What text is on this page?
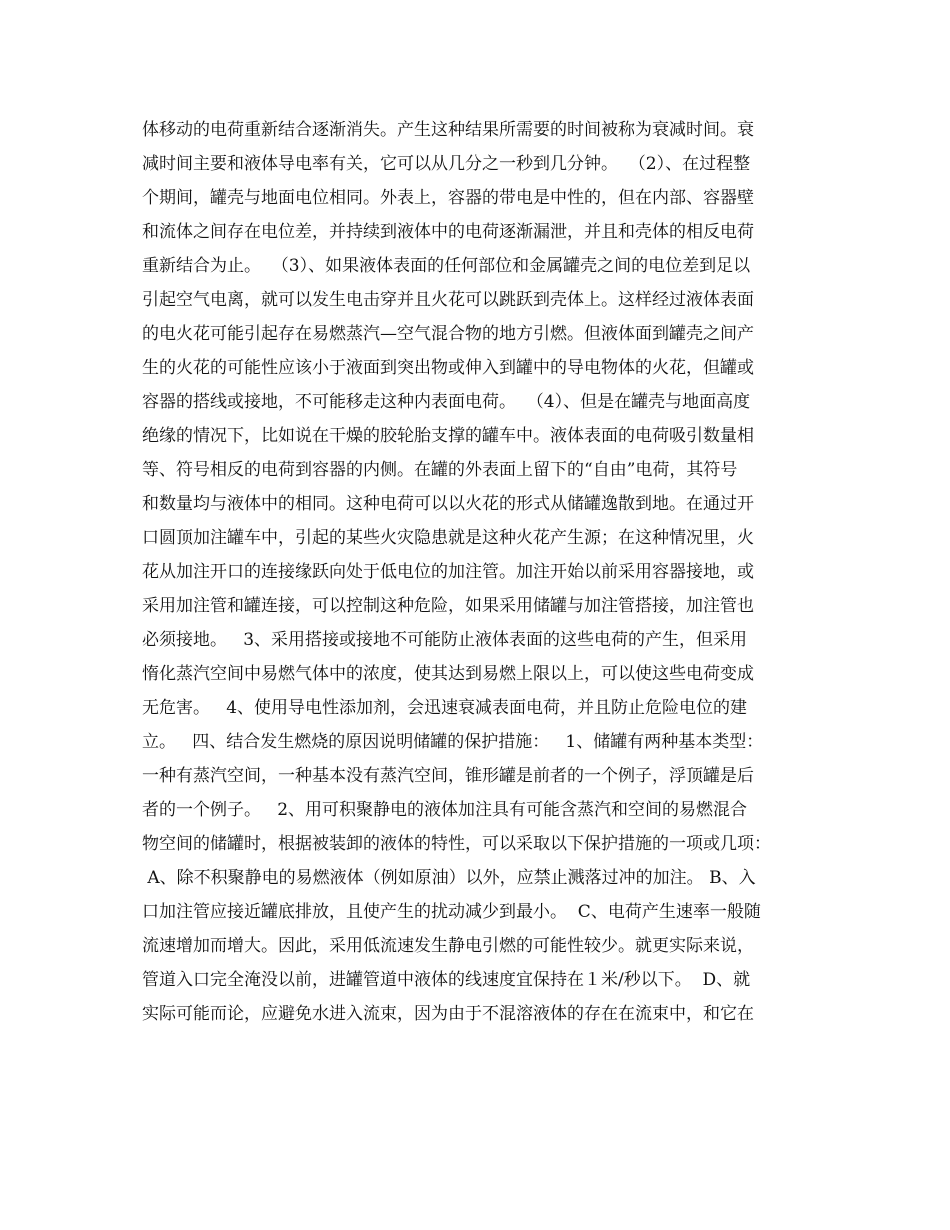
体移动的电荷重新结合逐渐消失。产生这种结果所需要的时间被称为衰减时间。衰
减时间主要和液体导电率有关，它可以从几分之一秒到几分钟。  （2）、在过程整
个期间，罐壳与地面电位相同。外表上，容器的带电是中性的，但在内部、容器壁
和流体之间存在电位差，并持续到液体中的电荷逐渐漏泄，并且和壳体的相反电荷
重新结合为止。  （3）、如果液体表面的任何部位和金属罐壳之间的电位差到足以
引起空气电离，就可以发生电击穿并且火花可以跳跃到壳体上。这样经过液体表面
的电火花可能引起存在易燃蒸汽—空气混合物的地方引燃。但液体面到罐壳之间产
生的火花的可能性应该小于液面到突出物或伸入到罐中的导电物体的火花，但罐或
容器的搭线或接地，不可能移走这种内表面电荷。  （4）、但是在罐壳与地面高度
绝缘的情况下，比如说在干燥的胶轮胎支撑的罐车中。液体表面的电荷吸引数量相
等、符号相反的电荷到容器的内侧。在罐的外表面上留下的“自由”电荷，其符号
和数量均与液体中的相同。这种电荷可以以火花的形式从储罐逸散到地。在通过开
口圆顶加注罐车中，引起的某些火灾隐患就是这种火花产生源；在这种情况里，火
花从加注开口的连接缘跃向处于低电位的加注管。加注开始以前采用容器接地，或
采用加注管和罐连接，可以控制这种危险，如果采用储罐与加注管搭接，加注管也
必须接地。   3、采用搭接或接地不可能防止液体表面的这些电荷的产生，但采用
惰化蒸汽空间中易燃气体中的浓度，使其达到易燃上限以上，可以使这些电荷变成
无危害。   4、使用导电性添加剂，会迅速衰减表面电荷，并且防止危险电位的建
立。   四、结合发生燃烧的原因说明储罐的保护措施：   1、储罐有两种基本类型：
一种有蒸汽空间，一种基本没有蒸汽空间，锥形罐是前者的一个例子，浮顶罐是后
者的一个例子。   2、用可积聚静电的液体加注具有可能含蒸汽和空间的易燃混合
物空间的储罐时，根据被装卸的液体的特性，可以采取以下保护措施的一项或几项：
A、除不积聚静电的易燃液体（例如原油）以外，应禁止溅落过冲的加注。 B、入
口加注管应接近罐底排放，且使产生的扰动减少到最小。  C、电荷产生速率一般随
流速增加而增大。因此，采用低流速发生静电引燃的可能性较少。就更实际来说，
管道入口完全淹没以前，进罐管道中液体的线速度宜保持在１米/秒以下。  D、就
实际可能而论，应避免水进入流束，因为由于不混溶液体的存在在流束中，和它在
